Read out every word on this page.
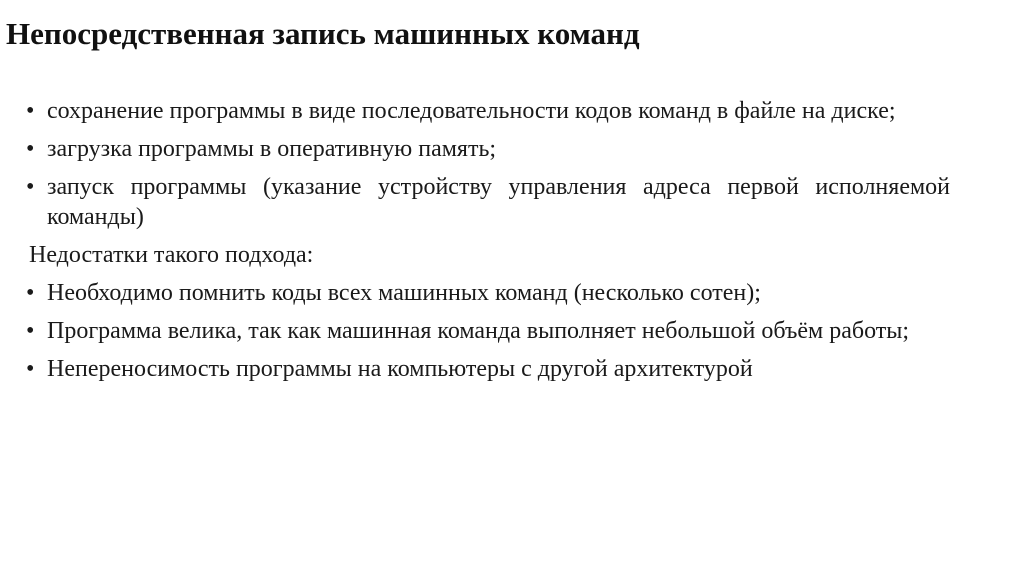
Непосредственная запись машинных команд
• сохранение программы в виде последовательности кодов команд в файле на диске;
• загрузка программы в оперативную память;
• запуск программы (указание устройству управления адреса первой исполняемой команды)
Недостатки такого подхода:
• Необходимо помнить коды всех машинных команд (несколько сотен);
• Программа велика, так как машинная команда выполняет небольшой объём работы;
• Непереносимость программы на компьютеры с другой архитектурой
